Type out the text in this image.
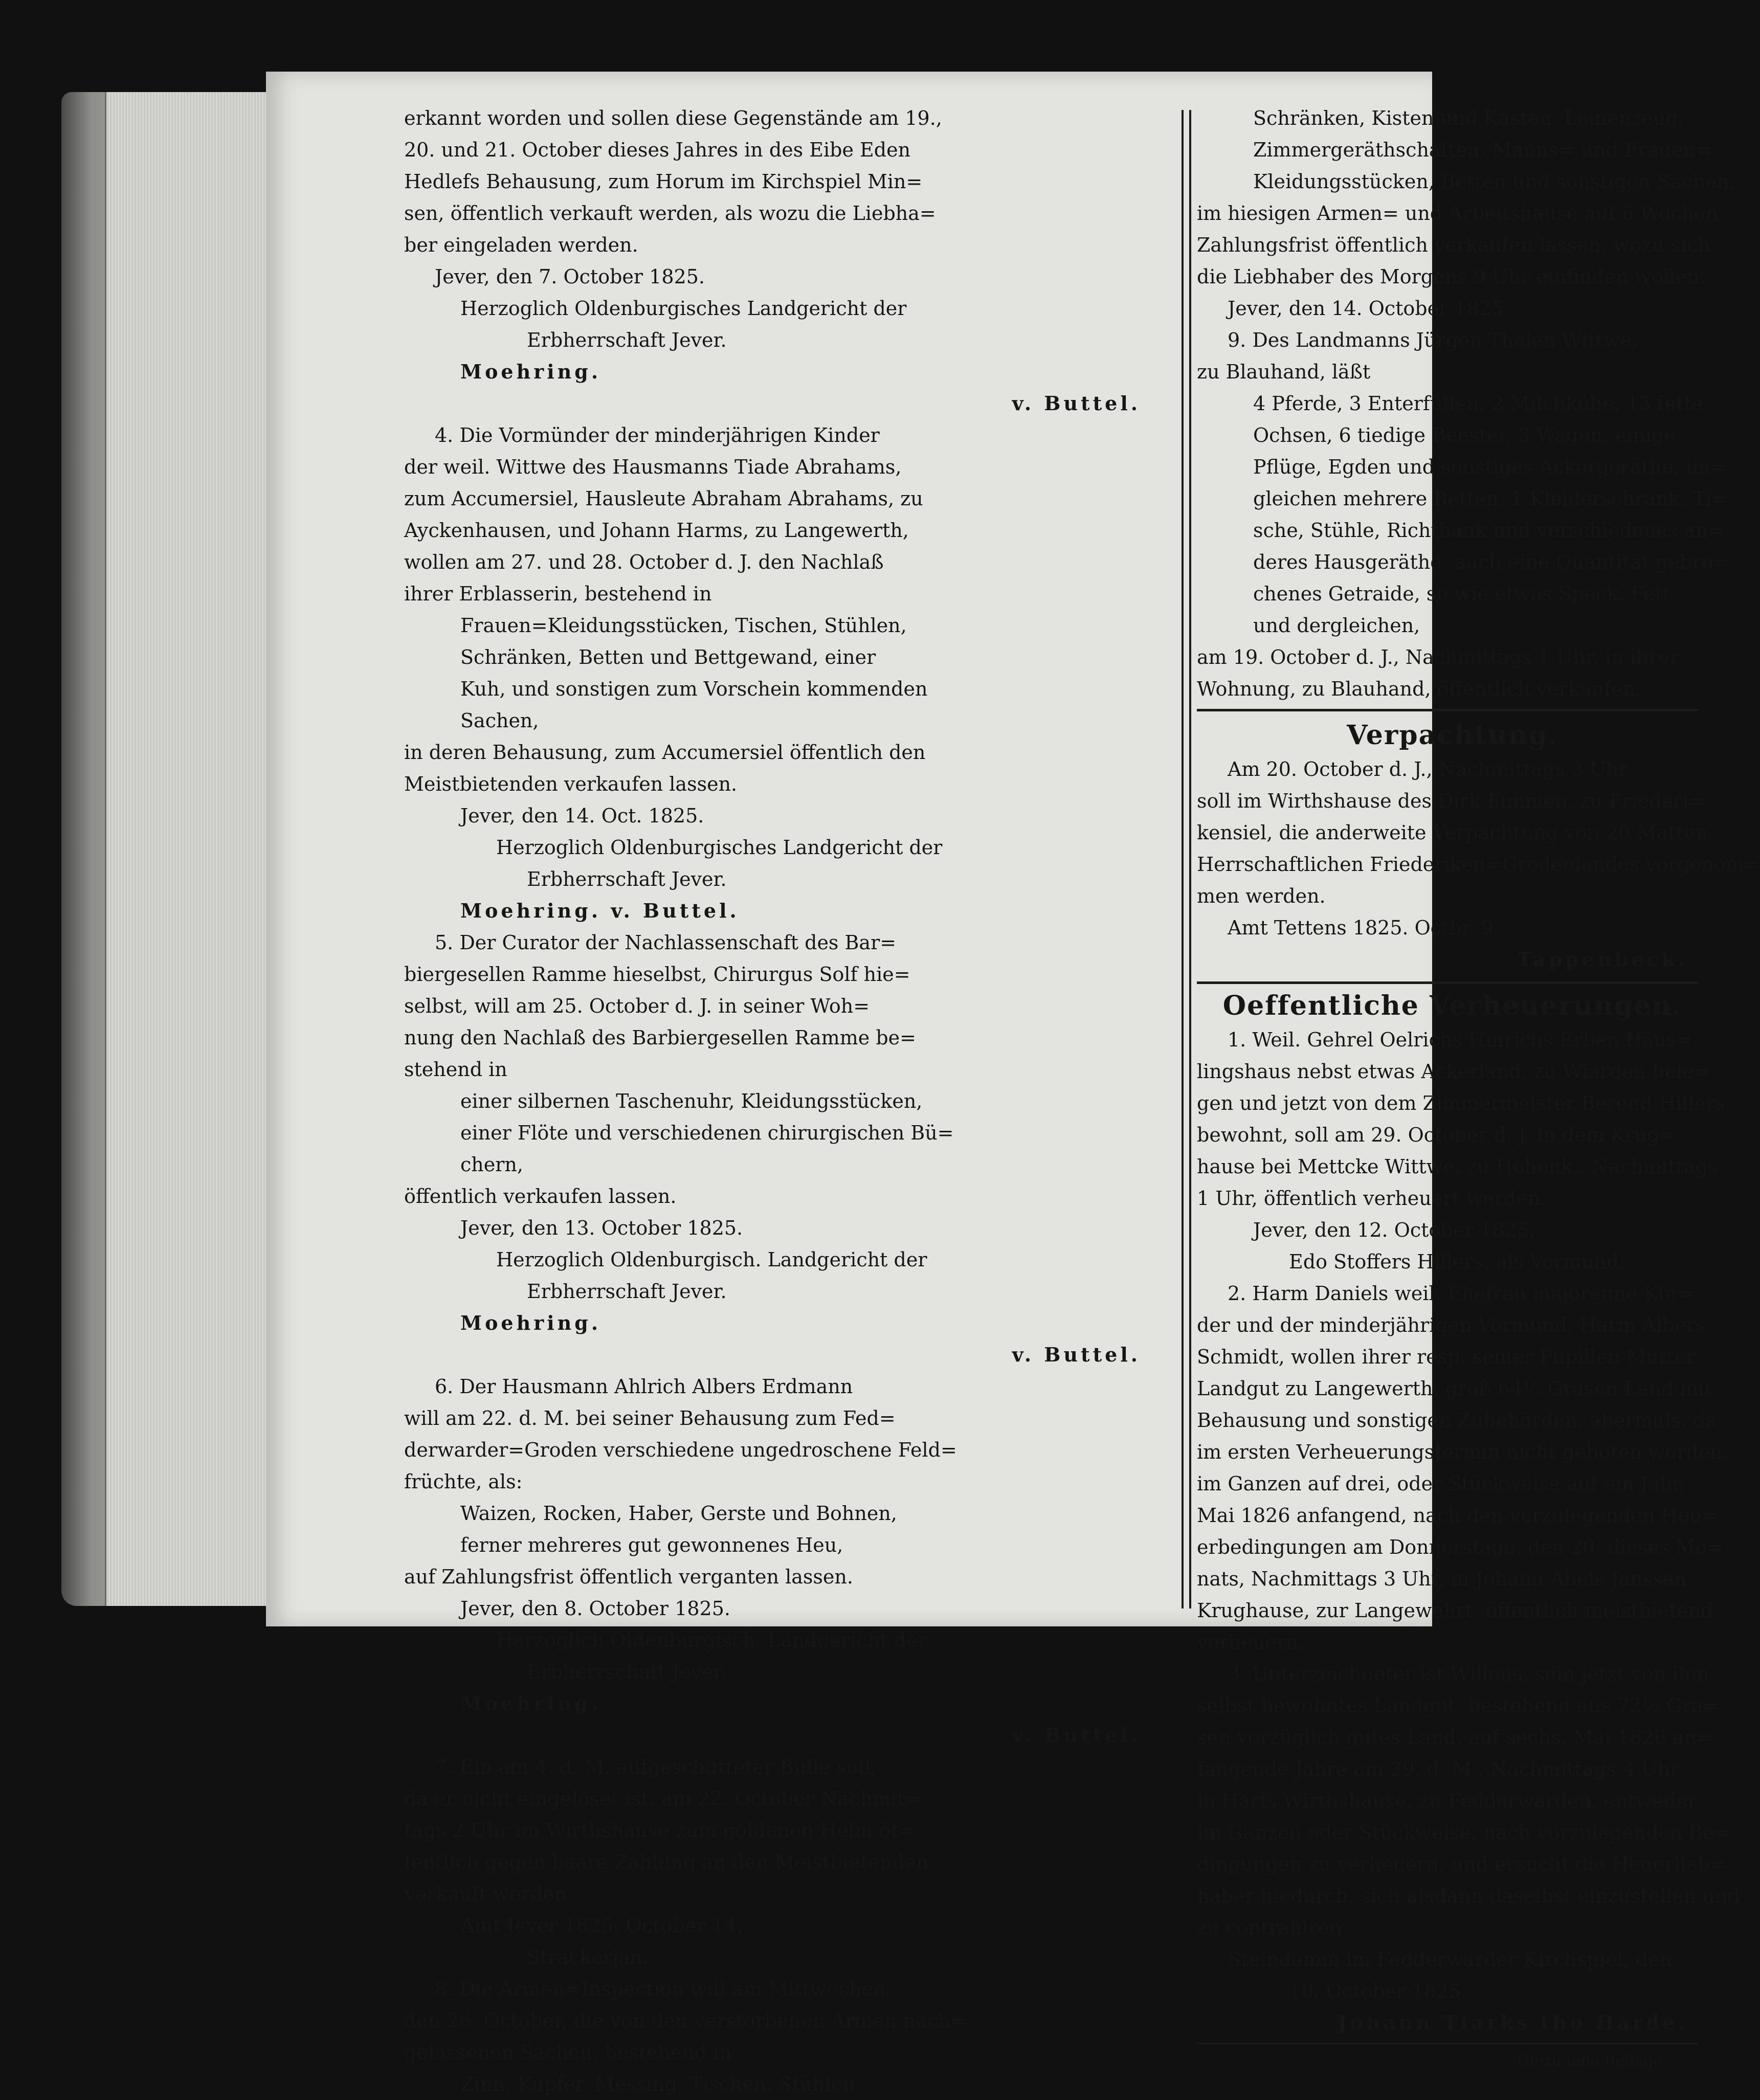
erkannt worden und sollen diese Gegenstände am 19.,
20. und 21. October dieses Jahres in des Eibe Eden
Hedlefs Behausung, zum Horum im Kirchspiel Min=
sen, öffentlich verkauft werden, als wozu die Liebha=
ber eingeladen werden.
Jever, den 7. October 1825.
Herzoglich Oldenburgisches Landgericht der
Erbherrschaft Jever.
Moehring.
v. Buttel.
4. Die Vormünder der minderjährigen Kinder
der weil. Wittwe des Hausmanns Tiade Abrahams,
zum Accumersiel, Hausleute Abraham Abrahams, zu
Ayckenhausen, und Johann Harms, zu Langewerth,
wollen am 27. und 28. October d. J. den Nachlaß
ihrer Erblasserin, bestehend in
Frauen=Kleidungsstücken, Tischen, Stühlen,
Schränken, Betten und Bettgewand, einer
Kuh, und sonstigen zum Vorschein kommenden
Sachen,
in deren Behausung, zum Accumersiel öffentlich den
Meistbietenden verkaufen lassen.
Jever, den 14. Oct. 1825.
Herzoglich Oldenburgisches Landgericht der
Erbherrschaft Jever.
Moehring. v. Buttel.
5. Der Curator der Nachlassenschaft des Bar=
biergesellen Ramme hieselbst, Chirurgus Solf hie=
selbst, will am 25. October d. J. in seiner Woh=
nung den Nachlaß des Barbiergesellen Ramme be=
stehend in
einer silbernen Taschenuhr, Kleidungsstücken,
einer Flöte und verschiedenen chirurgischen Bü=
chern,
öffentlich verkaufen lassen.
Jever, den 13. October 1825.
Herzoglich Oldenburgisch. Landgericht der
Erbherrschaft Jever.
Moehring.
v. Buttel.
6. Der Hausmann Ahlrich Albers Erdmann
will am 22. d. M. bei seiner Behausung zum Fed=
derwarder=Groden verschiedene ungedroschene Feld=
früchte, als:
Waizen, Rocken, Haber, Gerste und Bohnen,
ferner mehreres gut gewonnenes Heu,
auf Zahlungsfrist öffentlich verganten lassen.
Jever, den 8. October 1825.
Herzoglich Oldenburgisch. Landgericht der
Erbherrschaft Jever.
Moehring.
v. Buttel.
7. Ein am 4. d. M. aufgeschütteter Bulle soll,
da er nicht eingelöset ist, am 22. October Nachmit=
tags 2 Uhr im Wirthshause zum goldenen Helm öf=
fentlich gegen baare Zahlung an den Meistbietenden
verkauft werden.
Amt Jever 1825. October 14.
Strackerjan.
8. Die Armen=Inspection will am Mittwochen,
den 26. October, die von den verstorbenen Armen nach=
gelassenen Sachen, bestehend in
Zinn, Kupfer, Messing, Tischen, Stühlen,
Schränken, Kisten und Kasten, Leinenzeug,
Zimmergeräthschaften, Manns= und Frauen=
Kleidungsstücken, Betten und sonstigen Sachen,
im hiesigen Armen= und Arbeitshause auf 6 Wochen
Zahlungsfrist öffentlich verkaufen lassen, wozu sich
die Liebhaber des Morgens 9 Uhr einfinden wollen.
Jever, den 14. October 1825.
9. Des Landmanns Jürgen Thalen Wittwe,
zu Blauhand, läßt
4 Pferde, 3 Enterfüllen, 2 Milchkühe, 13 fette
Ochsen, 6 tiedige Beester, 3 Wagen, einige
Pflüge, Egden und sonstiges Ackergeräthe, im=
gleichen mehrere Betten, 1 Kleiderschrank, Ti=
sche, Stühle, Richtbank und verschiedenes an=
deres Hausgeräthe, auch eine Quantität gebro=
chenes Getraide, so wie etwas Speck, Fett
und dergleichen,
am 19. October d. J., Nachmittags 1 Uhr, in ihrer
Wohnung, zu Blauhand, öffentlich verkaufen.
Verpachtung.
Am 20. October d. J., Nachmittags 3 Uhr,
soll im Wirthshause des Dirk Fimmen, zu Friederi=
kensiel, die anderweite Verpachtung von 20 Matten
Herrschaftlichen Friederiken=Grodenlandes vorgenom=
men werden.
Amt Tettens 1825. Octbr. 9.
Tappenbeck.
Oeffentliche Verheuerungen.
1. Weil. Gehrel Oelrichs Hinrichs Erben Häus=
lingshaus nebst etwas Ackerland, zu Wiarden bele=
gen und jetzt von dem Zimmermeister Berend Hillers
bewohnt, soll am 29. October d. J. in dem Krug=
hause bei Mettcke Wittwe, zu Hohenk., Nachmittags
1 Uhr, öffentlich verheuert werden.
Jever, den 12. October 1825.
Edo Stoffers Hillers, als Vormund.
2. Harm Daniels weil. Ehefrau majorenne Kin=
der und der minderjährigen Vormund, Harm Albers
Schmidt, wollen ihrer resp. seiner Pupillen Mutter
Landgut zu Langewerth, groß 64½ Grasen Land mit
Behausung und sonstigen Zubehörden, abermals, da
im ersten Verheuerungstermin nicht geboten worden,
im Ganzen auf drei, oder Stückweise auf ein Jahr,
Mai 1826 anfangend, nach den vorzulegenden Heu=
erbedingungen am Donnerstage, den 20. dieses Mo=
nats, Nachmittags 3 Uhr, in Johann Abels Janssen
Krughause, zur Langewehrt, öffentlich meistbietend
verheuern.
3. Unterzeichneter ist Willens, sein jetzt von ihm
selbst bewohntes Landgut, bestehend aus 72½ Gra=
sen vorzüglich gutes Land, auf sechs, Mai 1826 an=
fangende Jahre am 29. d. M., Nachmittags 4 Uhr,
in Harfs Wirthshause, zu Fedderwarden, entweder
im Ganzen oder Stückweise, nach vorzulegenden Be=
dingungen zu verheuern, und ersucht die Heuerlieb=
haber hiedurch, sich alsdann daselbst einzustellen und
zu contrahiren.
Steindamm im Fedderwarder Kirchspiel, den
10. October 1825.
Johann Tiarks tho Harde.
Hiezu eine Beilage.
